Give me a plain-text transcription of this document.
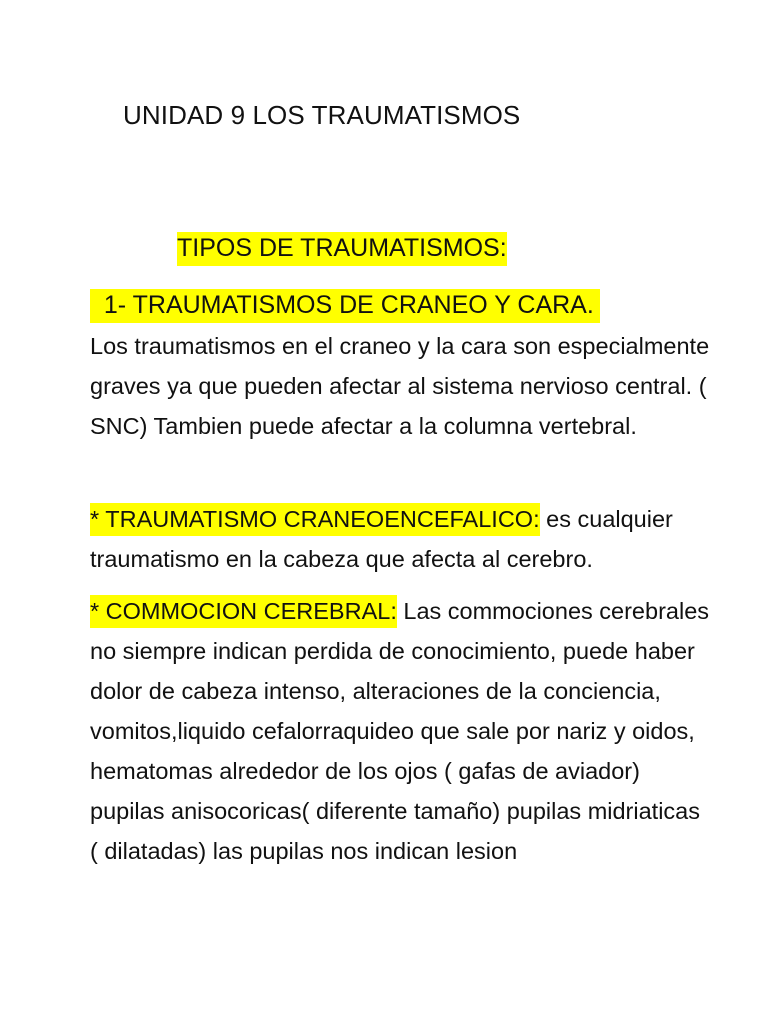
UNIDAD 9 LOS TRAUMATISMOS
TIPOS DE TRAUMATISMOS:
1- TRAUMATISMOS DE CRANEO Y CARA.
Los traumatismos en el craneo y la cara son especialmente graves ya que pueden afectar al sistema nervioso central. ( SNC) Tambien puede afectar a la columna vertebral.
* TRAUMATISMO CRANEOENCEFALICO: es cualquier traumatismo en la cabeza que afecta al cerebro.
* COMMOCION CEREBRAL: Las commociones cerebrales no siempre indican perdida de conocimiento, puede haber dolor de cabeza intenso, alteraciones de la conciencia, vomitos,liquido cefalorraquideo que sale por nariz y oidos, hematomas alrededor de los ojos ( gafas de aviador) pupilas anisocoricas( diferente tamaño) pupilas midriaticas ( dilatadas) las pupilas nos indican lesion
